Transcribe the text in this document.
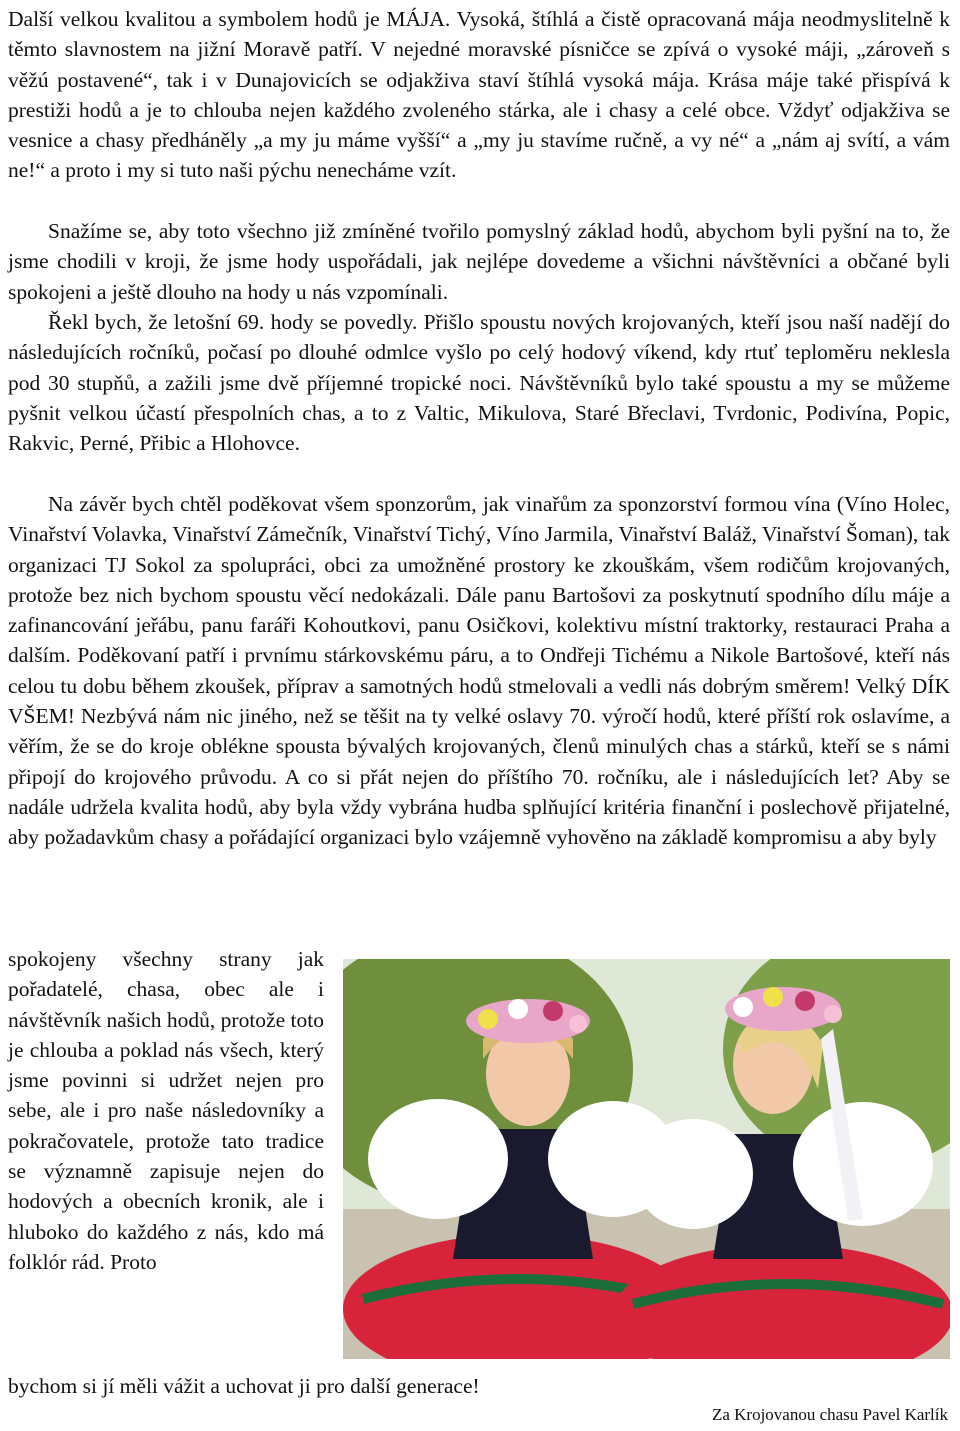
Další velkou kvalitou a symbolem hodů je MÁJA. Vysoká, štíhlá a čistě opracovaná mája neodmyslitelně k těmto slavnostem na jižní Moravě patří. V nejedné moravské písničce se zpívá o vysoké máji, „zároveň s věžú postavené“, tak i v Dunajovicích se odjakživa staví štíhlá vysoká mája. Krása máje také přispívá k prestiži hodů a je to chlouba nejen každého zvoleného stárka, ale i chasy a celé obce. Vždyť odjakživa se vesnice a chasy předháněly „a my ju máme vyšší“ a „my ju stavíme ručně, a vy né“ a „nám aj svítí, a vám ne!“ a proto i my si tuto naši pýchu nenecháme vzít.

Snažíme se, aby toto všechno již zmíněné tvořilo pomyslný základ hodů, abychom byli pyšní na to, že jsme chodili v kroji, že jsme hody uspořádali, jak nejlépe dovedeme a všichni návštěvníci a občané byli spokojeni a ještě dlouho na hody u nás vzpomínali.

Řekl bych, že letošní 69. hody se povedly. Přišlo spoustu nových krojovaných, kteří jsou naší nadějí do následujících ročníků, počasí po dlouhé odmlce vyšlo po celý hodový víkend, kdy rtuť teploměru neklesla pod 30 stupňů, a zažili jsme dvě příjemné tropické noci. Návštěvníků bylo také spoustu a my se můžeme pyšnit velkou účastí přespolních chas, a to z Valtic, Mikulova, Staré Břeclavi, Tvrdonic, Podivína, Popic, Rakvic, Perné, Přibic a Hlohovce.

Na závěr bych chtěl poděkovat všem sponzorům, jak vinařům za sponzorství formou vína (Víno Holec, Vinařství Volavka, Vinařství Zámečník, Vinařství Tichý, Víno Jarmila, Vinařství Baláž, Vinařství Šoman), tak organizaci TJ Sokol za spolupráci, obci za umožněné prostory ke zkouškám, všem rodičům krojovaných, protože bez nich bychom spoustu věcí nedokázali. Dále panu Bartošovi za poskytnutí spodního dílu máje a zafinancování jeřábu, panu faráři Kohoutkovi, panu Osičkovi, kolektivu místní traktorky, restauraci Praha a dalším. Poděkovaní patří i prvnímu stárkovskému páru, a to Ondřeji Tichému a Nikole Bartošové, kteří nás celou tu dobu během zkoušek, příprav a samotných hodů stmelovali a vedli nás dobrým směrem! Velký DÍK VŠEM! Nezbývá nám nic jiného, než se těšit na ty velké oslavy 70. výročí hodů, které příští rok oslavíme, a věřím, že se do kroje oblékne spousta bývalých krojovaných, členů minulých chas a stárků, kteří se s námi připojí do krojového průvodu. A co si přát nejen do příštího 70. ročníku, ale i následujících let? Aby se nadále udržela kvalita hodů, aby byla vždy vybrána hudba splňující kritéria finanční i poslechově přijatelné, aby požadavkům chasy a pořádající organizaci bylo vzájemně vyhověno na základě kompromisu a aby byly

spokojeny všechny strany jak pořadatelé, chasa, obec ale i návštěvník našich hodů, protože toto je chlouba a poklad nás všech, který jsme povinni si udržet nejen pro sebe, ale i pro naše následovníky a pokračovatele, protože tato tradice se významně zapisuje nejen do hodových a obecních kronik, ale i hluboko do každého z nás, kdo má folklór rád. Proto

bychom si jí měli vážit a uchovat ji pro další generace!

Za Krojovanou chasu Pavel Karlík
